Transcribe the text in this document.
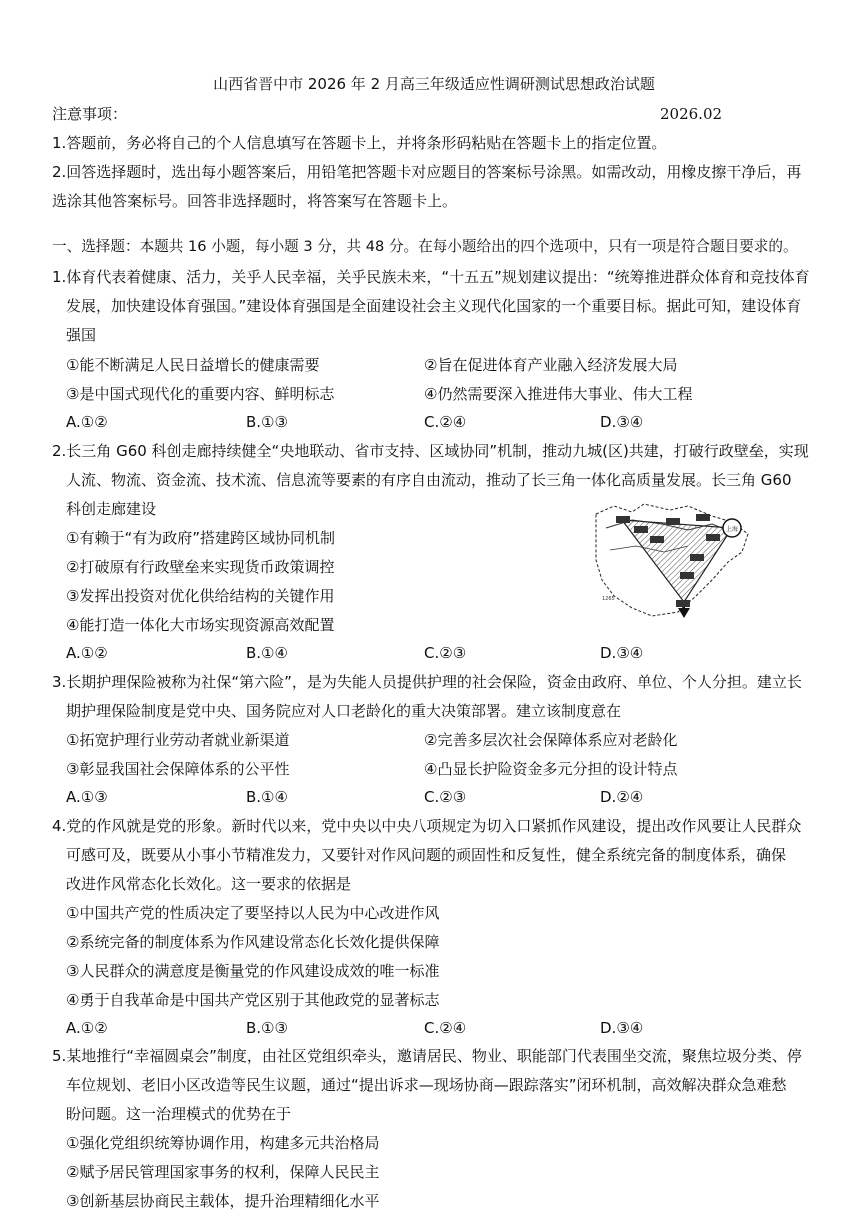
山西省晋中市 2026 年 2 月高三年级适应性调研测试思想政治试题
注意事项：	2026.02
1.答题前，务必将自己的个人信息填写在答题卡上，并将条形码粘贴在答题卡上的指定位置。
2.回答选择题时，选出每小题答案后，用铅笔把答题卡对应题目的答案标号涂黑。如需改动，用橡皮擦干净后，再
选涂其他答案标号。回答非选择题时，将答案写在答题卡上。
一、选择题：本题共 16 小题，每小题 3 分，共 48 分。在每小题给出的四个选项中，只有一项是符合题目要求的。
1.体育代表着健康、活力，关乎人民幸福，关乎民族未来，“十五五”规划建议提出：“统筹推进群众体育和竞技体育
发展，加快建设体育强国。”建设体育强国是全面建设社会主义现代化国家的一个重要目标。据此可知，建设体育
强国
①能不断满足人民日益增长的健康需要	②旨在促进体育产业融入经济发展大局
③是中国式现代化的重要内容、鲜明标志	④仍然需要深入推进伟大事业、伟大工程
A.①②	B.①③	C.②④	D.③④
2.长三角 G60 科创走廊持续健全“央地联动、省市支持、区域协同”机制，推动九城(区)共建，打破行政壁垒，实现
人流、物流、资金流、技术流、信息流等要素的有序自由流动，推动了长三角一体化高质量发展。长三角 G60
科创走廊建设
①有赖于“有为政府”搭建跨区域协同机制
②打破原有行政壁垒来实现货币政策调控
③发挥出投资对优化供给结构的关键作用
④能打造一体化大市场实现资源高效配置
A.①②	B.①④	C.②③	D.③④
上海
1265
3.长期护理保险被称为社保“第六险”，是为失能人员提供护理的社会保险，资金由政府、单位、个人分担。建立长
期护理保险制度是党中央、国务院应对人口老龄化的重大决策部署。建立该制度意在
①拓宽护理行业劳动者就业新渠道	②完善多层次社会保障体系应对老龄化
③彰显我国社会保障体系的公平性	④凸显长护险资金多元分担的设计特点
A.①③	B.①④	C.②③	D.②④
4.党的作风就是党的形象。新时代以来，党中央以中央八项规定为切入口紧抓作风建设，提出改作风要让人民群众
可感可及，既要从小事小节精准发力，又要针对作风问题的顽固性和反复性，健全系统完备的制度体系，确保
改进作风常态化长效化。这一要求的依据是
①中国共产党的性质决定了要坚持以人民为中心改进作风
②系统完备的制度体系为作风建设常态化长效化提供保障
③人民群众的满意度是衡量党的作风建设成效的唯一标准
④勇于自我革命是中国共产党区别于其他政党的显著标志
A.①②	B.①③	C.②④	D.③④
5.某地推行“幸福圆桌会”制度，由社区党组织牵头，邀请居民、物业、职能部门代表围坐交流，聚焦垃圾分类、停
车位规划、老旧小区改造等民生议题，通过“提出诉求—现场协商—跟踪落实”闭环机制，高效解决群众急难愁
盼问题。这一治理模式的优势在于
①强化党组织统筹协调作用，构建多元共治格局
②赋予居民管理国家事务的权利，保障人民民主
③创新基层协商民主载体，提升治理精细化水平
